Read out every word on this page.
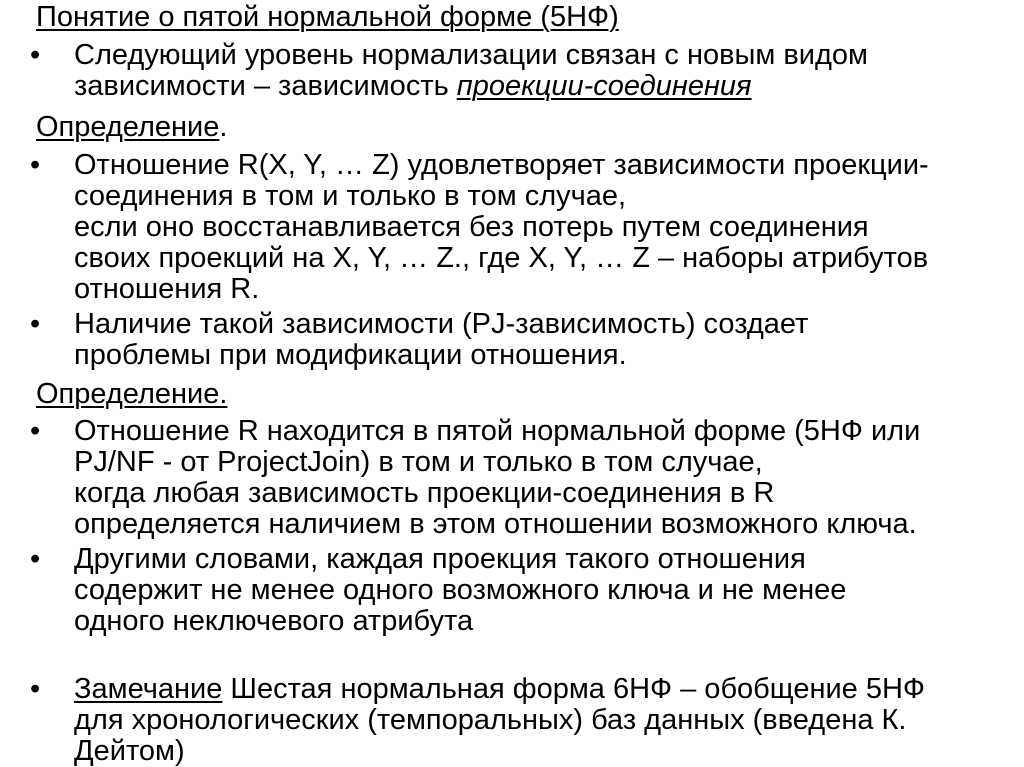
Понятие о пятой нормальной форме (5НФ)
•	Следующий уровень нормализации связан с новым видом
зависимости – зависимость проекции-соединения
Определение.
•	Отношение R(X, Y, … Z) удовлетворяет зависимости проекции-
соединения в том и только в том случае,
если оно восстанавливается без потерь путем соединения
своих проекций на X, Y, … Z., где X, Y, … Z – наборы атрибутов
отношения R.
•	Наличие такой зависимости (PJ-зависимость) создает
проблемы при модификации отношения.
Определение.
•	Отношение R находится в пятой нормальной форме (5НФ или
PJ/NF - от ProjectJoin) в том и только в том случае,
когда любая зависимость проекции-соединения в R
определяется наличием в этом отношении возможного ключа.
•	Другими словами, каждая проекция такого отношения
содержит не менее одного возможного ключа и не менее
одного неключевого атрибута
•	Замечание Шестая нормальная форма 6НФ – обобщение 5НФ
для хронологических (темпоральных) баз данных (введена К.
Дейтом)
